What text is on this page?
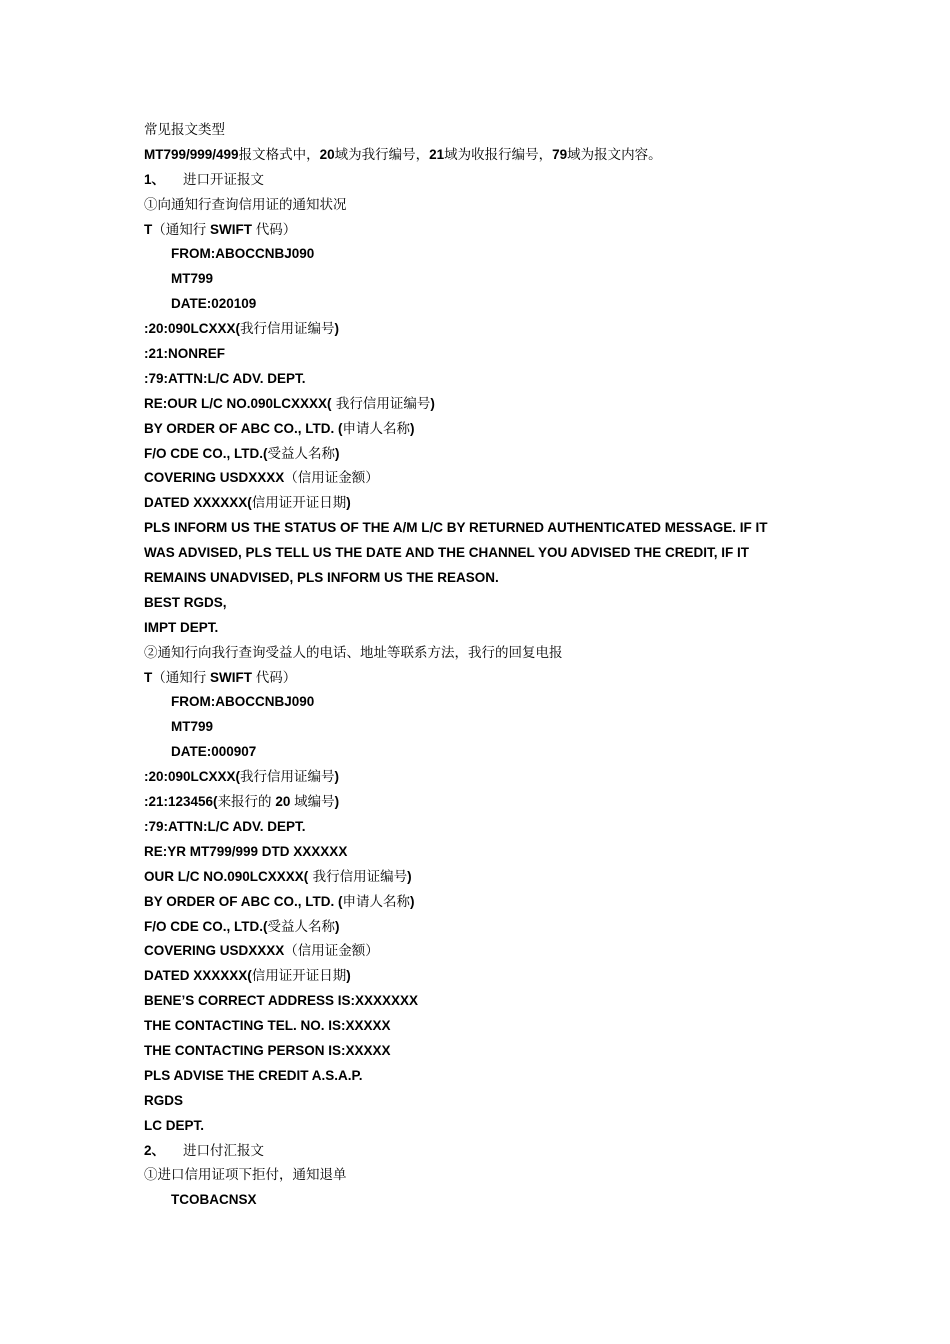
常见报文类型
MT799/999/499报文格式中，20域为我行编号，21域为收报行编号，79域为报文内容。
1、 进口开证报文
①向通知行查询信用证的通知状况
T（通知行 SWIFT 代码）
FROM:ABOCCNBJ090
MT799
DATE:020109
:20:090LCXXX(我行信用证编号)
:21:NONREF
:79:ATTN:L/C ADV. DEPT.
RE:OUR L/C NO.090LCXXXX( 我行信用证编号)
BY ORDER OF ABC CO., LTD. (申请人名称)
F/O CDE CO., LTD.(受益人名称)
COVERING USDXXXX（信用证金额）
DATED XXXXXX(信用证开证日期)
PLS INFORM US THE STATUS OF THE A/M L/C BY RETURNED AUTHENTICATED MESSAGE. IF IT
WAS ADVISED, PLS TELL US THE DATE AND THE CHANNEL YOU ADVISED THE CREDIT, IF IT
REMAINS UNADVISED, PLS INFORM US THE REASON.
BEST RGDS,
IMPT DEPT.
②通知行向我行查询受益人的电话、地址等联系方法，我行的回复电报
T（通知行 SWIFT 代码）
FROM:ABOCCNBJ090
MT799
DATE:000907
:20:090LCXXX(我行信用证编号)
:21:123456(来报行的 20 域编号)
:79:ATTN:L/C ADV. DEPT.
RE:YR MT799/999 DTD XXXXXX
OUR L/C NO.090LCXXXX( 我行信用证编号)
BY ORDER OF ABC CO., LTD. (申请人名称)
F/O CDE CO., LTD.(受益人名称)
COVERING USDXXXX（信用证金额）
DATED XXXXXX(信用证开证日期)
BENE’S CORRECT ADDRESS IS:XXXXXXX
THE CONTACTING TEL. NO. IS:XXXXX
THE CONTACTING PERSON IS:XXXXX
PLS ADVISE THE CREDIT A.S.A.P.
RGDS
LC DEPT.
2、 进口付汇报文
①进口信用证项下拒付，通知退单
TCOBACNSX
